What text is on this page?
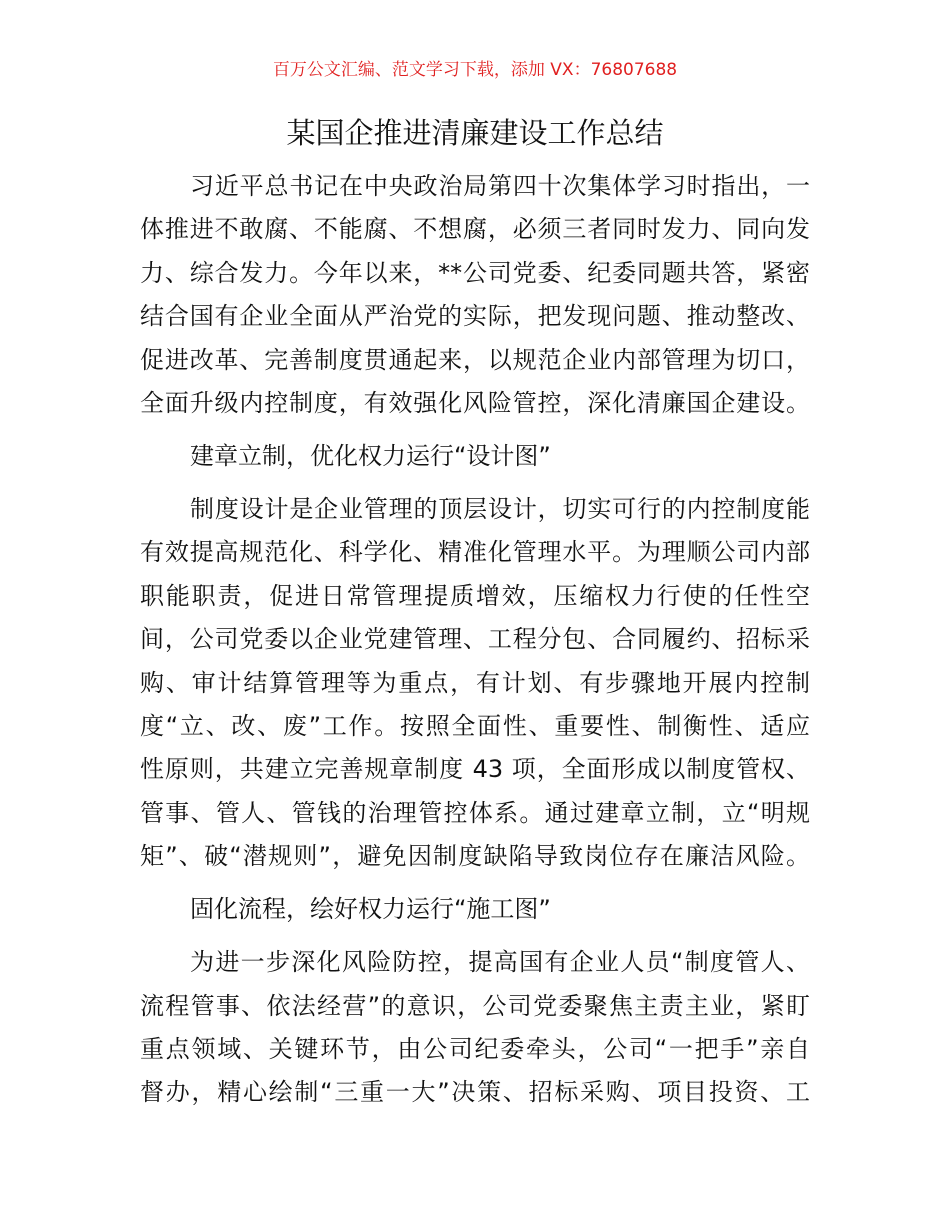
百万公文汇编、范文学习下载，添加 VX：76807688
某国企推进清廉建设工作总结
习近平总书记在中央政治局第四十次集体学习时指出，一
体推进不敢腐、不能腐、不想腐，必须三者同时发力、同向发
力、综合发力。今年以来，**公司党委、纪委同题共答，紧密
结合国有企业全面从严治党的实际，把发现问题、推动整改、
促进改革、完善制度贯通起来，以规范企业内部管理为切口，
全面升级内控制度，有效强化风险管控，深化清廉国企建设。
建章立制，优化权力运行“设计图”
制度设计是企业管理的顶层设计，切实可行的内控制度能
有效提高规范化、科学化、精准化管理水平。为理顺公司内部
职能职责，促进日常管理提质增效，压缩权力行使的任性空
间，公司党委以企业党建管理、工程分包、合同履约、招标采
购、审计结算管理等为重点，有计划、有步骤地开展内控制
度“立、改、废”工作。按照全面性、重要性、制衡性、适应
性原则，共建立完善规章制度 43 项，全面形成以制度管权、
管事、管人、管钱的治理管控体系。通过建章立制，立“明规
矩”、破“潜规则”，避免因制度缺陷导致岗位存在廉洁风险。
固化流程，绘好权力运行“施工图”
为进一步深化风险防控，提高国有企业人员“制度管人、
流程管事、依法经营”的意识，公司党委聚焦主责主业，紧盯
重点领域、关键环节，由公司纪委牵头，公司“一把手”亲自
督办，精心绘制“三重一大”决策、招标采购、项目投资、工
